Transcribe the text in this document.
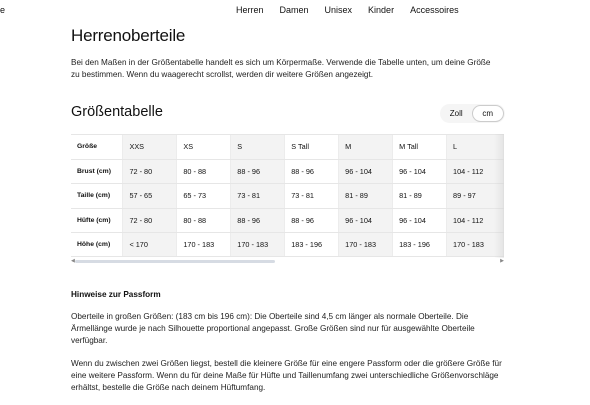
e	Herren Damen Unisex Kinder Accessoires
Herrenoberteile

Bei den Maßen in der Größentabelle handelt es sich um Körpermaße. Verwende die Tabelle unten, um deine Größe zu bestimmen. Wenn du waagerecht scrollst, werden dir weitere Größen angezeigt.

Größentabelle	Zoll	cm
Größe	XXS	XS	S	S Tall	M	M Tall	L
Brust (cm)	72 - 80	80 - 88	88 - 96	88 - 96	96 - 104	96 - 104	104 - 112
Taille (cm)	57 - 65	65 - 73	73 - 81	73 - 81	81 - 89	81 - 89	89 - 97
Hüfte (cm)	72 - 80	80 - 88	88 - 96	88 - 96	96 - 104	96 - 104	104 - 112
Höhe (cm)	< 170	170 - 183	170 - 183	183 - 196	170 - 183	183 - 196	170 - 183
◀	▶
Hinweise zur Passform

Oberteile in großen Größen: (183 cm bis 196 cm): Die Oberteile sind 4,5 cm länger als normale Oberteile. Die Ärmellänge wurde je nach Silhouette proportional angepasst. Große Größen sind nur für ausgewählte Oberteile verfügbar.

Wenn du zwischen zwei Größen liegst, bestell die kleinere Größe für eine engere Passform oder die größere Größe für eine weitere Passform. Wenn du für deine Maße für Hüfte und Taillenumfang zwei unterschiedliche Größenvorschläge erhältst, bestelle die Größe nach deinem Hüftumfang.
